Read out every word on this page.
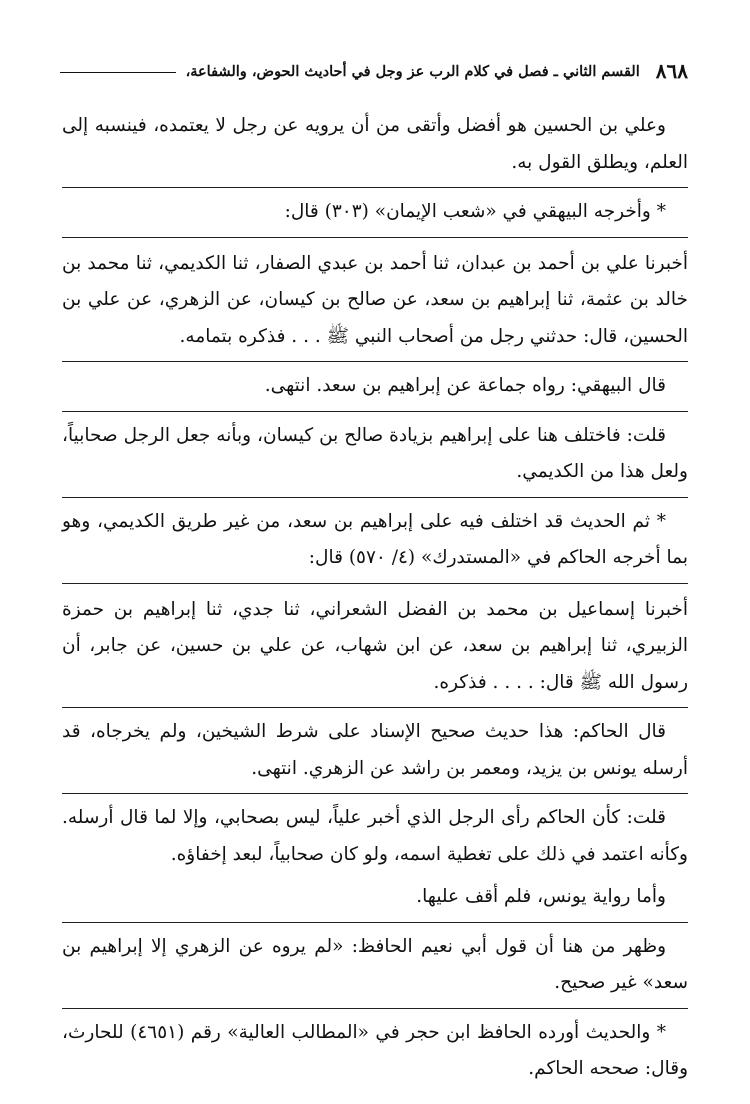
٨٦٨
القسم الثاني ـ فصل في كلام الرب عز وجل في أحاديث الحوض، والشفاعة،

وعلي بن الحسين هو أفضل وأتقى من أن يرويه عن رجل لا يعتمده، فينسبه إلى العلم، ويطلق القول به.

* وأخرجه البيهقي في «شعب الإيمان» (٣٠٣) قال:

أخبرنا علي بن أحمد بن عبدان، ثنا أحمد بن عبدي الصفار، ثنا الكديمي، ثنا محمد بن خالد بن عثمة، ثنا إبراهيم بن سعد، عن صالح بن كيسان، عن الزهري، عن علي بن الحسين، قال: حدثني رجل من أصحاب النبي ﷺ . . . فذكره بتمامه.

قال البيهقي: رواه جماعة عن إبراهيم بن سعد. انتهى.

قلت: فاختلف هنا على إبراهيم بزيادة صالح بن كيسان، وبأنه جعل الرجل صحابياً، ولعل هذا من الكديمي.

* ثم الحديث قد اختلف فيه على إبراهيم بن سعد، من غير طريق الكديمي، وهو بما أخرجه الحاكم في «المستدرك» (٤/ ٥٧٠) قال:

أخبرنا إسماعيل بن محمد بن الفضل الشعراني، ثنا جدي، ثنا إبراهيم بن حمزة الزبيري، ثنا إبراهيم بن سعد، عن ابن شهاب، عن علي بن حسين، عن جابر، أن رسول الله ﷺ قال: . . . . فذكره.

قال الحاكم: هذا حديث صحيح الإسناد على شرط الشيخين، ولم يخرجاه، قد أرسله يونس بن يزيد، ومعمر بن راشد عن الزهري. انتهى.

قلت: كأن الحاكم رأى الرجل الذي أخبر علياً، ليس بصحابي، وإلا لما قال أرسله. وكأنه اعتمد في ذلك على تغطية اسمه، ولو كان صحابياً، لبعد إخفاؤه.

وأما رواية يونس، فلم أقف عليها.

وظهر من هنا أن قول أبي نعيم الحافظ: «لم يروه عن الزهري إلا إبراهيم بن سعد» غير صحيح.

* والحديث أورده الحافظ ابن حجر في «المطالب العالية» رقم (٤٦٥١) للحارث، وقال: صححه الحاكم.
